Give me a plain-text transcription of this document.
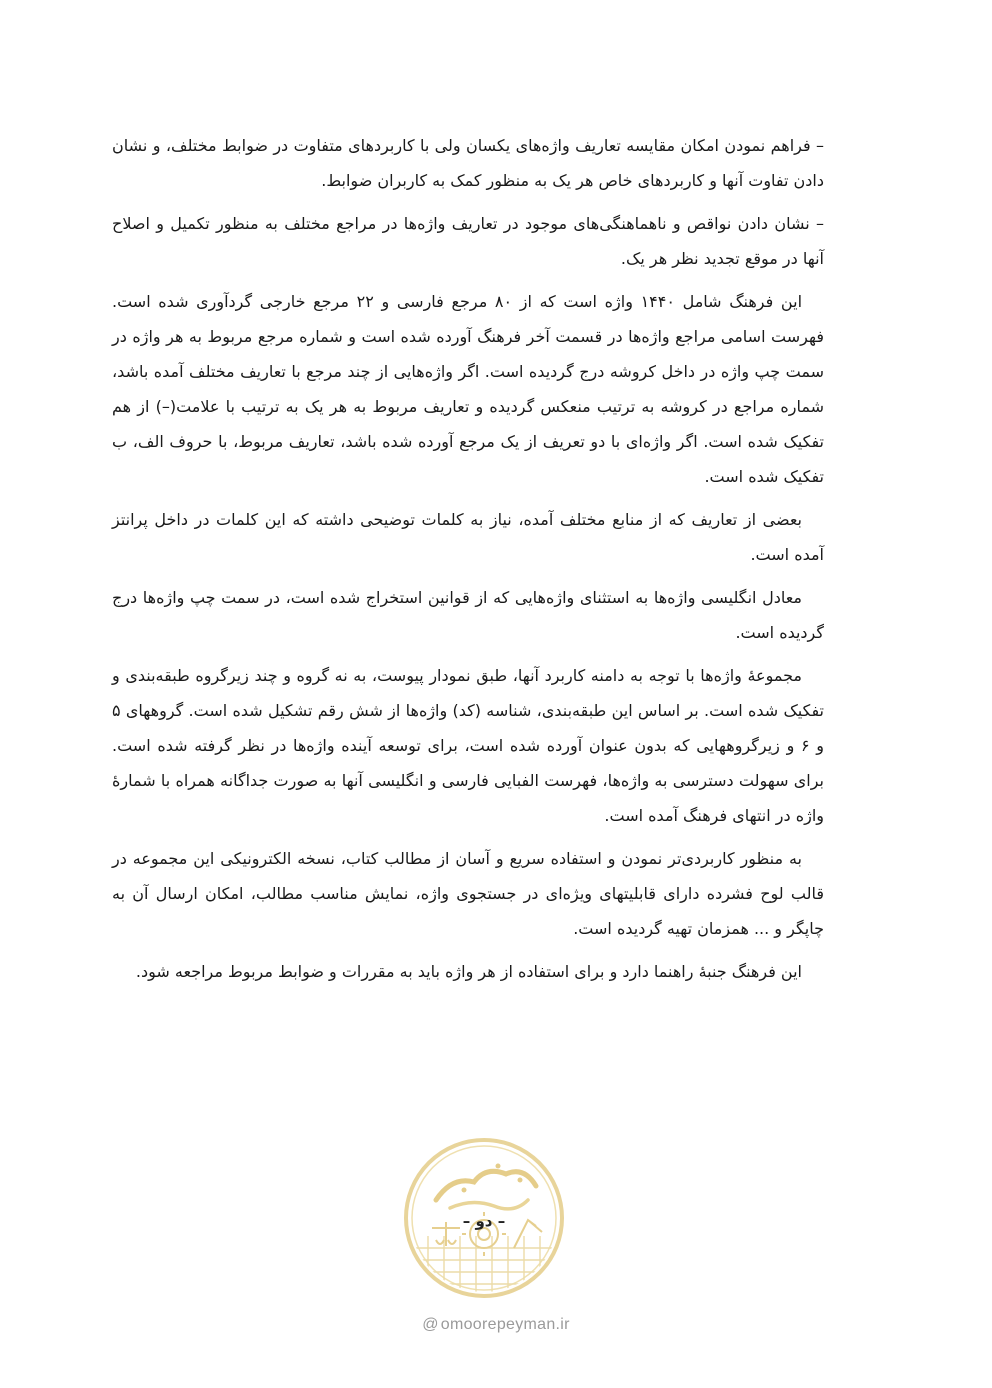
– فراهم نمودن امکان مقایسه تعاریف واژه‌های یکسان ولی با کاربردهای متفاوت در ضوابط مختلف، و نشان دادن تفاوت آنها و کاربردهای خاص هر یک به منظور کمک به کاربران ضوابط.

– نشان دادن نواقص و ناهماهنگی‌های موجود در تعاریف واژه‌ها در مراجع مختلف به منظور تکمیل و اصلاح آنها در موقع تجدید نظر هر یک.

این فرهنگ شامل ۱۴۴۰ واژه است که از ۸۰ مرجع فارسی و ۲۲ مرجع خارجی گردآوری شده است. فهرست اسامی مراجع واژه‌ها در قسمت آخر فرهنگ آورده شده است و شماره مرجع مربوط به هر واژه در سمت چپ واژه در داخل کروشه درج گردیده است. اگر واژه‌هایی از چند مرجع با تعاریف مختلف آمده باشد، شماره مراجع در کروشه به ترتیب منعکس گردیده و تعاریف مربوط به هر یک به ترتیب با علامت(–) از هم تفکیک شده است. اگر واژه‌ای با دو تعریف از یک مرجع آورده شده باشد، تعاریف مربوط، با حروف الف، ب تفکیک شده است.

بعضی از تعاریف که از منابع مختلف آمده، نیاز به کلمات توضیحی داشته که این کلمات در داخل پرانتز آمده است.

معادل انگلیسی واژه‌ها به استثنای واژه‌هایی که از قوانین استخراج شده است، در سمت چپ واژه‌ها درج گردیده است.

مجموعۀ واژه‌ها با توجه به دامنه کاربرد آنها، طبق نمودار پیوست، به نه گروه و چند زیرگروه طبقه‌بندی و تفکیک شده است. بر اساس این طبقه‌بندی، شناسه (کد) واژه‌ها از شش رقم تشکیل شده است. گروههای ۵ و ۶ و زیرگروههایی که بدون عنوان آورده شده است، برای توسعه آینده واژه‌ها در نظر گرفته شده است. برای سهولت دسترسی به واژه‌ها، فهرست الفبایی فارسی و انگلیسی آنها به صورت جداگانه همراه با شمارۀ واژه در انتهای فرهنگ آمده است.

به منظور کاربردی‌تر نمودن و استفاده سریع و آسان از مطالب کتاب، نسخه الکترونیکی این مجموعه در قالب لوح فشرده دارای قابلیتهای ویژه‌ای در جستجوی واژه، نمایش مناسب مطالب، امکان ارسال آن به چاپگر و ... همزمان تهیه گردیده است.

این فرهنگ جنبۀ راهنما دارد و برای استفاده از هر واژه باید به مقررات و ضوابط مربوط مراجعه شود.

– دو –
@ omoorepeyman.ir
